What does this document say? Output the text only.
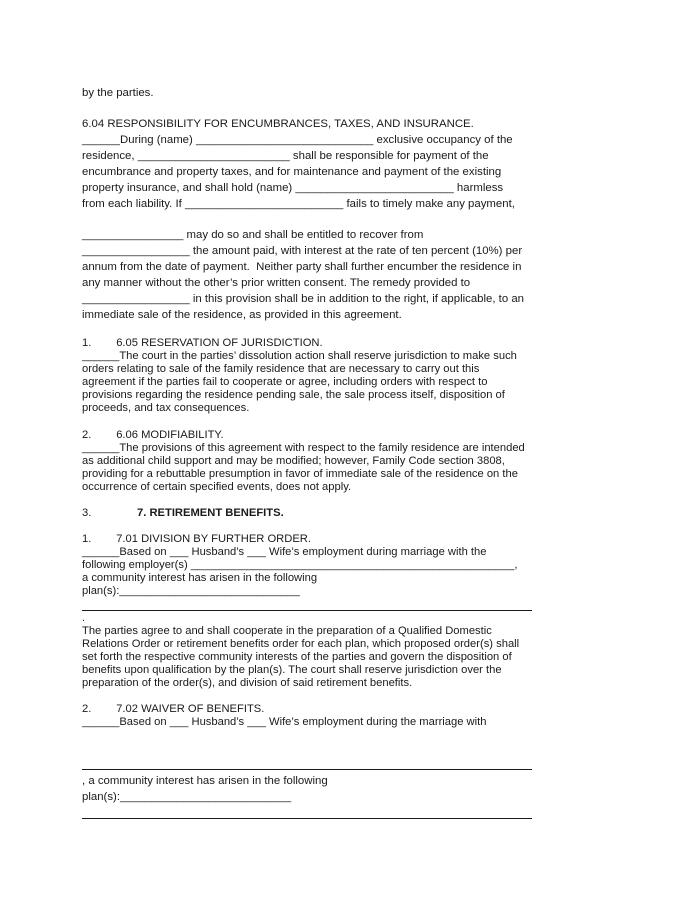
by the parties.
6.04 RESPONSIBILITY FOR ENCUMBRANCES, TAXES, AND INSURANCE.
______During (name) ____________________________ exclusive occupancy of the
residence, ________________________ shall be responsible for payment of the
encumbrance and property taxes, and for maintenance and payment of the existing
property insurance, and shall hold (name) _________________________ harmless
from each liability. If _________________________ fails to timely make any payment,
________________ may do so and shall be entitled to recover from
_________________ the amount paid, with interest at the rate of ten percent (10%) per
annum from the date of payment.  Neither party shall further encumber the residence in
any manner without the other’s prior written consent. The remedy provided to
_________________ in this provision shall be in addition to the right, if applicable, to an
immediate sale of the residence, as provided in this agreement.
1.        6.05 RESERVATION OF JURISDICTION.
______The court in the parties’ dissolution action shall reserve jurisdiction to make such
orders relating to sale of the family residence that are necessary to carry out this
agreement if the parties fail to cooperate or agree, including orders with respect to
provisions regarding the residence pending sale, the sale process itself, disposition of
proceeds, and tax consequences.
2.        6.06 MODIFIABILITY.
______The provisions of this agreement with respect to the family residence are intended
as additional child support and may be modified; however, Family Code section 3808,
providing for a rebuttable presumption in favor of immediate sale of the residence on the
occurrence of certain specified events, does not apply.
3.	7. RETIREMENT BENEFITS.
1.        7.01 DIVISION BY FURTHER ORDER.
______Based on ___ Husband’s ___ Wife’s employment during marriage with the
following employer(s) ____________________________________________________,
a community interest has arisen in the following
plan(s):_____________________________
.
The parties agree to and shall cooperate in the preparation of a Qualified Domestic
Relations Order or retirement benefits order for each plan, which proposed order(s) shall
set forth the respective community interests of the parties and govern the disposition of
benefits upon qualification by the plan(s). The court shall reserve jurisdiction over the
preparation of the order(s), and division of said retirement benefits.
2.        7.02 WAIVER OF BENEFITS.
______Based on ___ Husband’s ___ Wife’s employment during the marriage with
, a community interest has arisen in the following
plan(s):___________________________
